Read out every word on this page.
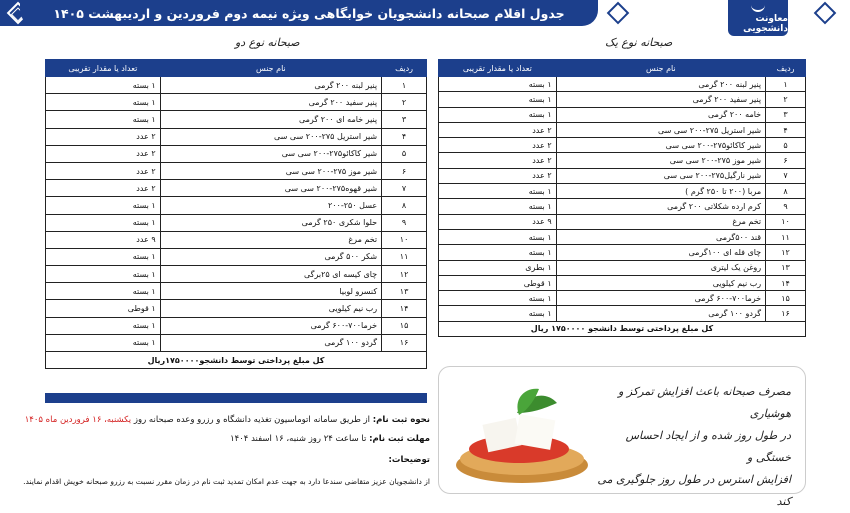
جدول اقلام صبحانه دانشجویان خوابگاهی ویژه نیمه دوم فروردین و اردیبهشت ۱۴۰۵	معاونت دانشجویی
صبحانه نوع دو	صبحانه نوع یک
ردیف	نام جنس	تعداد یا مقدار تقریبی
۱	پنیر لبنه ۲۰۰ گرمی	۱ بسته
۲	پنیر سفید ۲۰۰ گرمی	۱ بسته
۳	خامه ۲۰۰ گرمی	۱ بسته
۴	شیر استریل ۲۷۵-۲۰۰ سی سی	۲ عدد
۵	شیر کاکائو۲۷۵-۲۰۰ سی سی	۲ عدد
۶	شیر موز ۲۷۵-۲۰۰ سی سی	۲ عدد
۷	شیر نارگیل۲۷۵-۲۰۰ سی سی	۲ عدد
۸	مربا (۲۰۰ تا ۲۵۰ گرم )	۱ بسته
۹	کرم ارده شکلاتی ۲۰۰ گرمی	۱ بسته
۱۰	تخم مرغ	۹ عدد
۱۱	قند ۵۰۰گرمی	۱ بسته
۱۲	چای فله ای ۱۰۰گرمی	۱ بسته
۱۳	روغن یک لیتری	۱ بطری
۱۴	رب نیم کیلویی	۱ قوطی
۱۵	خرما۷۰۰-۶۰۰ گرمی	۱ بسته
۱۶	گردو ۱۰۰ گرمی	۱ بسته
کل مبلغ پرداختی توسط دانشجو ۱۷۵۰۰۰۰ ریال		
ردیف	نام جنس	تعداد یا مقدار تقریبی
۱	پنیر لبنه ۲۰۰ گرمی	۱ بسته
۲	پنیر سفید ۲۰۰ گرمی	۱ بسته
۳	پنیر خامه ای ۲۰۰ گرمی	۱ بسته
۴	شیر استریل ۲۷۵-۲۰۰ سی سی	۲ عدد
۵	شیر کاکائو۲۷۵-۲۰۰ سی سی	۲ عدد
۶	شیر موز ۲۷۵-۲۰۰ سی سی	۲ عدد
۷	شیر قهوه۲۷۵-۲۰۰ سی سی	۲ عدد
۸	عسل ۲۵۰-۲۰۰	۱ بسته
۹	حلوا شکری ۲۵۰ گرمی	۱ بسته
۱۰	تخم مرغ	۹ عدد
۱۱	شکر ۵۰۰ گرمی	۱ بسته
۱۲	چای کیسه ای ۲۵برگی	۱ بسته
۱۳	کنسرو لوبیا	۱ بسته
۱۴	رب نیم کیلویی	۱ قوطی
۱۵	خرما۷۰۰-۶۰۰ گرمی	۱ بسته
۱۶	گردو ۱۰۰ گرمی	۱ بسته
کل مبلغ پرداختی توسط دانشجو۱۷۵۰۰۰۰ریال		
نحوه ثبت نام: از طریق سامانه اتوماسیون تغذیه دانشگاه و رزرو وعده صبحانه روز یکشنبه، ۱۶ فروردین ماه ۱۴۰۵
مهلت ثبت نام: تا ساعت ۲۴ روز شنبه، ۱۶ اسفند ۱۴۰۴
توضیحات:
از دانشجویان عزیز متقاضی سندعا دارد به جهت عدم امکان تمدید ثبت نام در زمان مقرر نسبت به رزرو صبحانه خویش اقدام نمایند.
مصرف صبحانه باعث افزایش تمرکز و هوشیاری
در طول روز شده و از ایجاد احساس خستگی و
افزایش استرس در طول روز جلوگیری می کند
